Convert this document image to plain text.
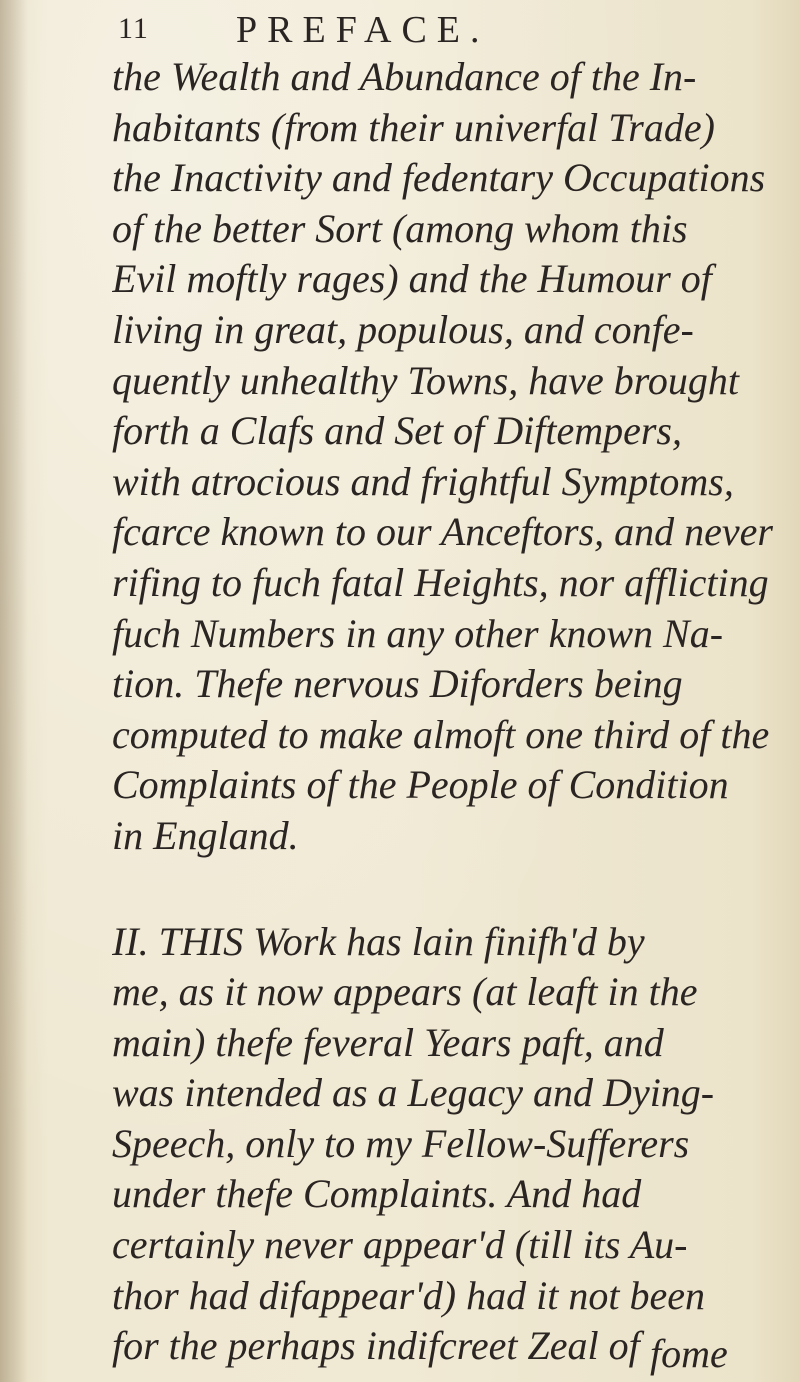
11 PREFACE.
the Wealth and Abundance of the In-
habitants (from their univerfal Trade)
the Inactivity and fedentary Occupations
of the better Sort (among whom this
Evil moftly rages) and the Humour of
living in great, populous, and confe-
quently unhealthy Towns, have brought
forth a Clafs and Set of Diftempers,
with atrocious and frightful Symptoms,
fcarce known to our Anceftors, and never
rifing to fuch fatal Heights, nor afflicting
fuch Numbers in any other known Na-
tion. Thefe nervous Diforders being
computed to make almoft one third of the
Complaints of the People of Condition
in England.
II. THIS Work has lain finifh'd by
me, as it now appears (at leaft in the
main) thefe feveral Years paft, and
was intended as a Legacy and Dying-
Speech, only to my Fellow-Sufferers
under thefe Complaints. And had
certainly never appear'd (till its Au-
thor had difappear'd) had it not been
for the perhaps indifcreet Zeal of fome
